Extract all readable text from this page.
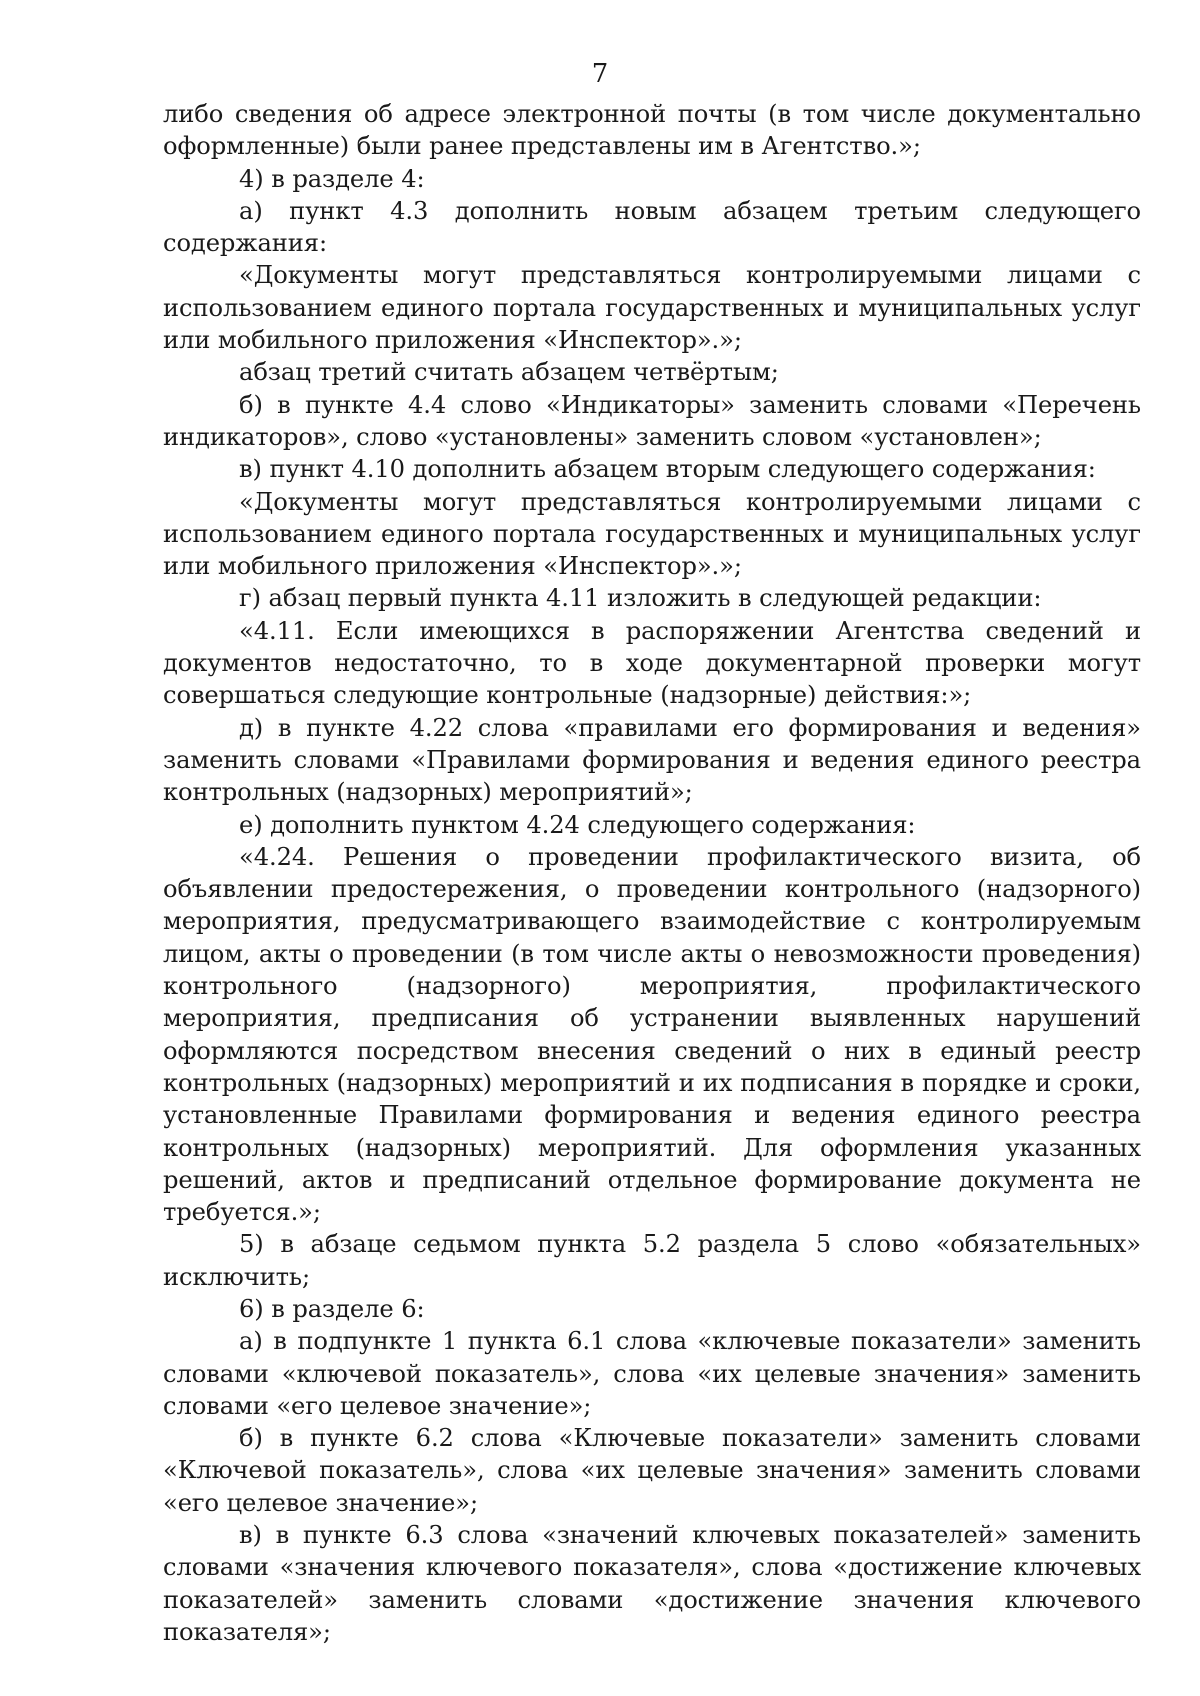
7

либо сведения об адресе электронной почты (в том числе документально оформленные) были ранее представлены им в Агентство.»;

4) в разделе 4:

а) пункт 4.3 дополнить новым абзацем третьим следующего содержания:

«Документы могут представляться контролируемыми лицами с использованием единого портала государственных и муниципальных услуг или мобильного приложения «Инспектор».»;

абзац третий считать абзацем четвёртым;

б) в пункте 4.4 слово «Индикаторы» заменить словами «Перечень индикаторов», слово «установлены» заменить словом «установлен»;

в) пункт 4.10 дополнить абзацем вторым следующего содержания:

«Документы могут представляться контролируемыми лицами с использованием единого портала государственных и муниципальных услуг или мобильного приложения «Инспектор».»;

г) абзац первый пункта 4.11 изложить в следующей редакции:

«4.11. Если имеющихся в распоряжении Агентства сведений и документов недостаточно, то в ходе документарной проверки могут совершаться следующие контрольные (надзорные) действия:»;

д) в пункте 4.22 слова «правилами его формирования и ведения» заменить словами «Правилами формирования и ведения единого реестра контрольных (надзорных) мероприятий»;

е) дополнить пунктом 4.24 следующего содержания:

«4.24. Решения о проведении профилактического визита, об объявлении предостережения, о проведении контрольного (надзорного) мероприятия, предусматривающего взаимодействие с контролируемым лицом, акты о проведении (в том числе акты о невозможности проведения) контрольного (надзорного) мероприятия, профилактического мероприятия, предписания об устранении выявленных нарушений оформляются посредством внесения сведений о них в единый реестр контрольных (надзорных) мероприятий и их подписания в порядке и сроки, установленные Правилами формирования и ведения единого реестра контрольных (надзорных) мероприятий. Для оформления указанных решений, актов и предписаний отдельное формирование документа не требуется.»;

5) в абзаце седьмом пункта 5.2 раздела 5 слово «обязательных» исключить;

6) в разделе 6:

а) в подпункте 1 пункта 6.1 слова «ключевые показатели» заменить словами «ключевой показатель», слова «их целевые значения» заменить словами «его целевое значение»;

б) в пункте 6.2 слова «Ключевые показатели» заменить словами «Ключевой показатель», слова «их целевые значения» заменить словами «его целевое значение»;

в) в пункте 6.3 слова «значений ключевых показателей» заменить словами «значения ключевого показателя», слова «достижение ключевых показателей» заменить словами «достижение значения ключевого показателя»;
